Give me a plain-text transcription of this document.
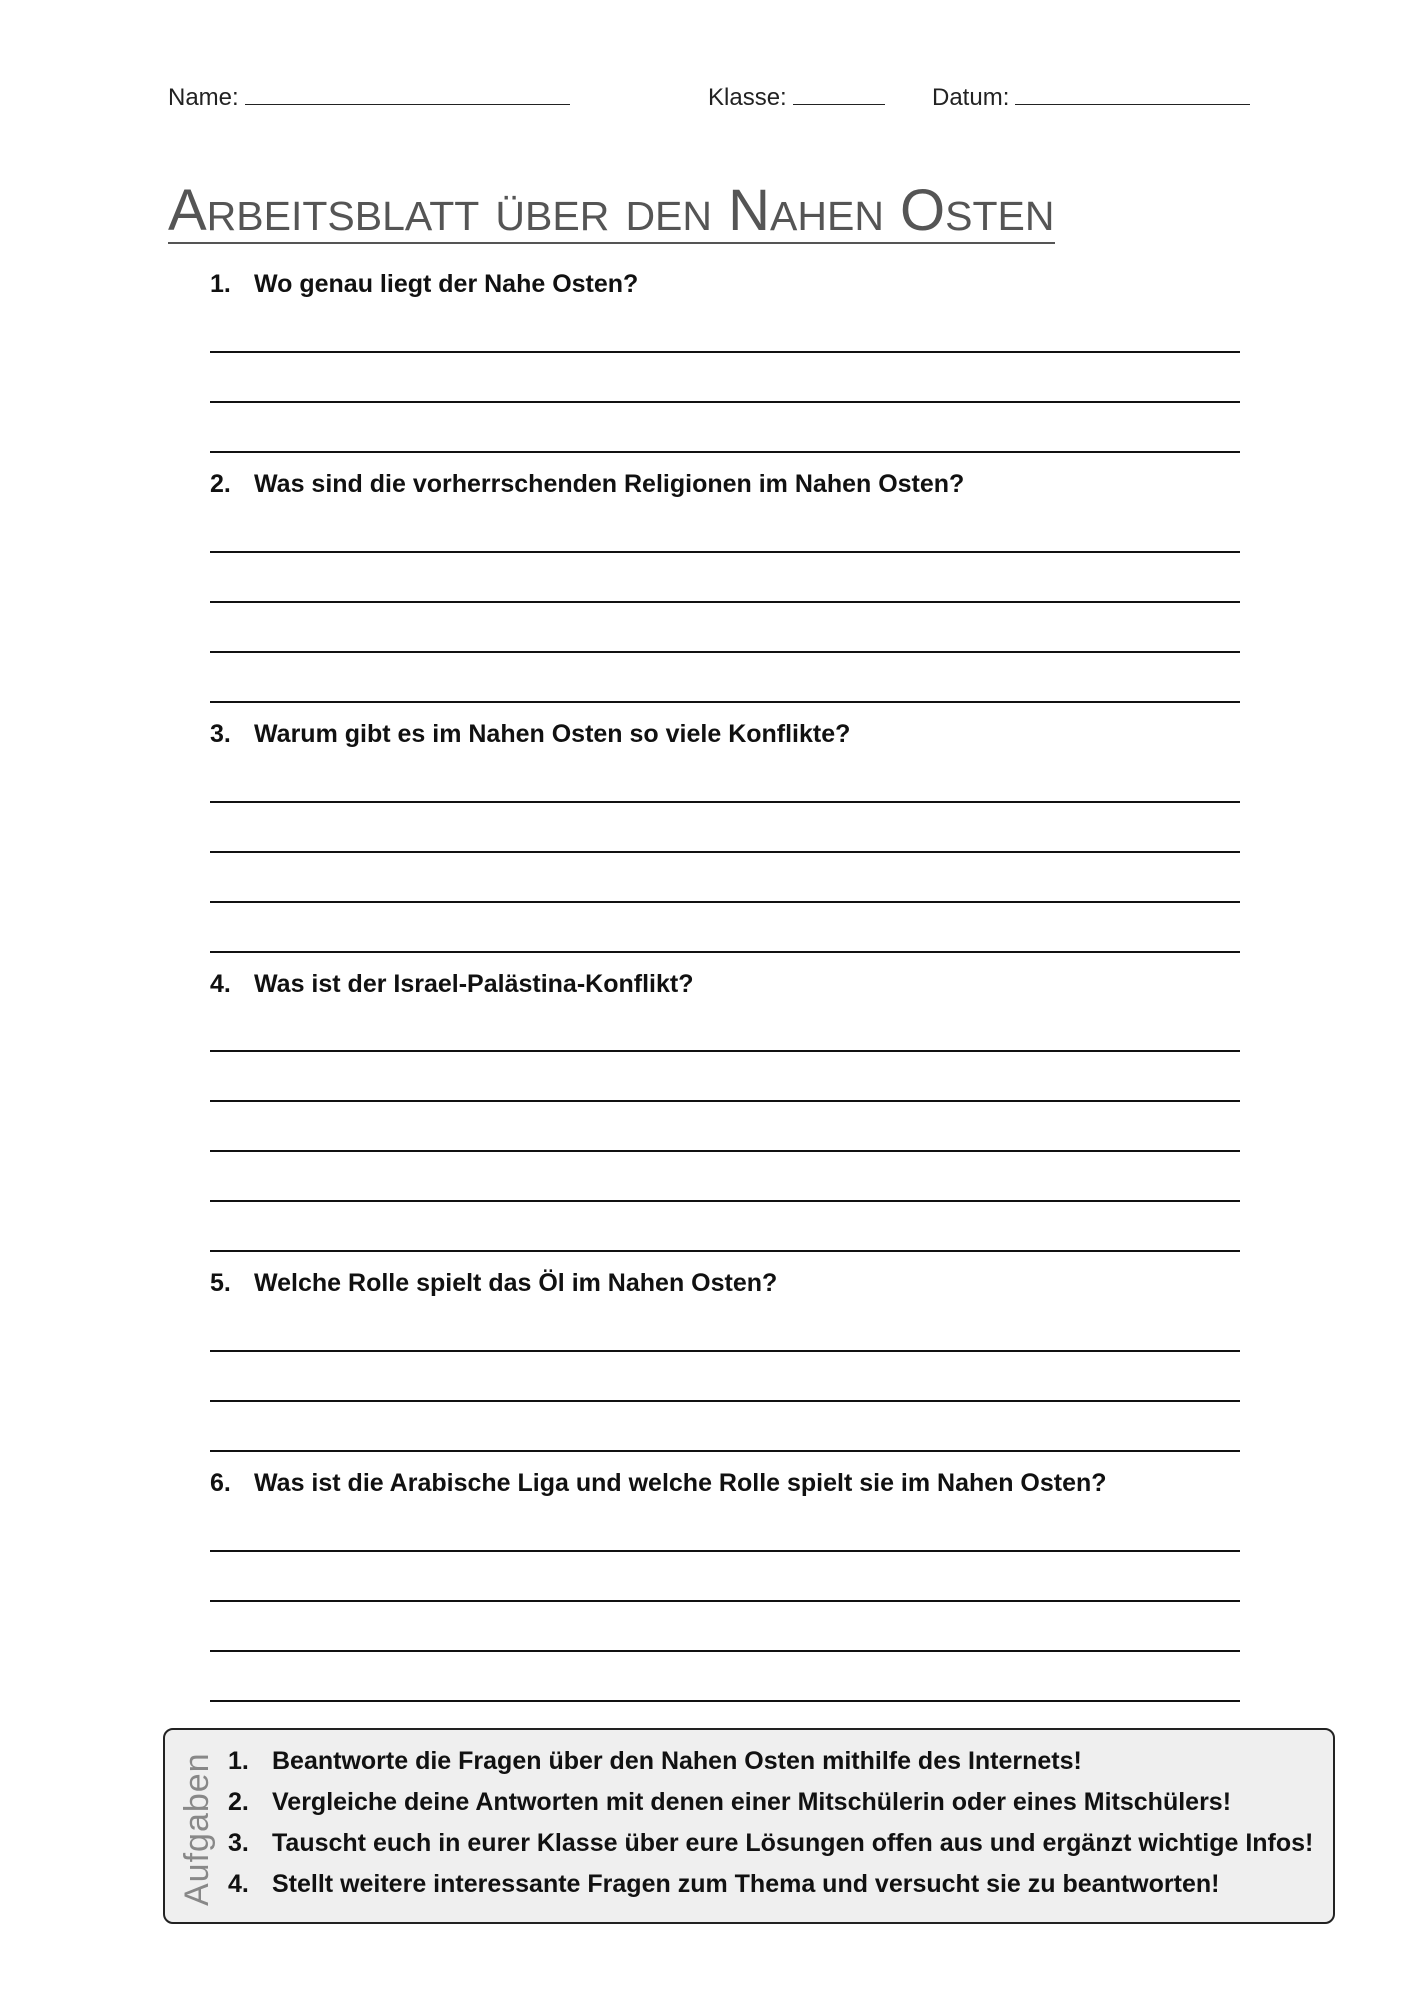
Name:	Klasse:	Datum:
Arbeitsblatt über den Nahen Osten
1. Wo genau liegt der Nahe Osten?
2. Was sind die vorherrschenden Religionen im Nahen Osten?
3. Warum gibt es im Nahen Osten so viele Konflikte?
4. Was ist der Israel-Palästina-Konflikt?
5. Welche Rolle spielt das Öl im Nahen Osten?
6. Was ist die Arabische Liga und welche Rolle spielt sie im Nahen Osten?
Aufgaben 1. Beantworte die Fragen über den Nahen Osten mithilfe des Internets!
2. Vergleiche deine Antworten mit denen einer Mitschülerin oder eines Mitschülers!
3. Tauscht euch in eurer Klasse über eure Lösungen offen aus und ergänzt wichtige Infos!
4. Stellt weitere interessante Fragen zum Thema und versucht sie zu beantworten!
